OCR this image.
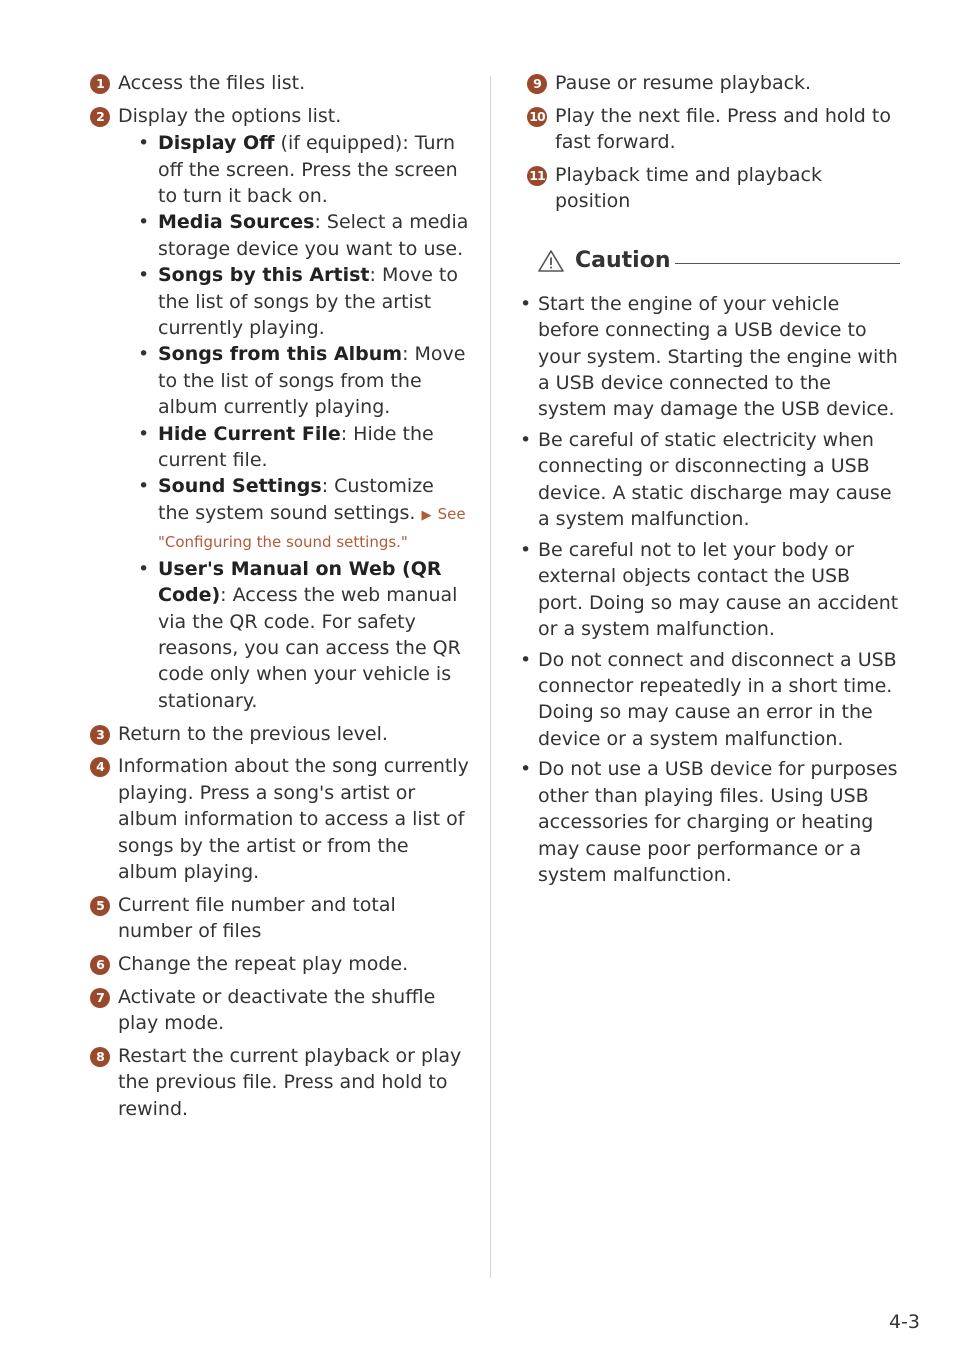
1 Access the files list.
2 Display the options list.
• Display Off (if equipped): Turn off the screen. Press the screen to turn it back on.
• Media Sources: Select a media storage device you want to use.
• Songs by this Artist: Move to the list of songs by the artist currently playing.
• Songs from this Album: Move to the list of songs from the album currently playing.
• Hide Current File: Hide the current file.
• Sound Settings: Customize the system sound settings. ▶ See
"Configuring the sound settings."
• User's Manual on Web (QR Code): Access the web manual via the QR code. For safety reasons, you can access the QR code only when your vehicle is stationary.
3 Return to the previous level.
4 Information about the song currently playing. Press a song's artist or album information to access a list of songs by the artist or from the album playing.
5 Current file number and total number of files
6 Change the repeat play mode.
7 Activate or deactivate the shuffle play mode.
8 Restart the current playback or play the previous file. Press and hold to rewind.
9 Pause or resume playback.
10 Play the next file. Press and hold to fast forward.
11 Playback time and playback position
Caution
• Start the engine of your vehicle before connecting a USB device to your system. Starting the engine with a USB device connected to the system may damage the USB device.
• Be careful of static electricity when connecting or disconnecting a USB device. A static discharge may cause a system malfunction.
• Be careful not to let your body or external objects contact the USB port. Doing so may cause an accident or a system malfunction.
• Do not connect and disconnect a USB connector repeatedly in a short time. Doing so may cause an error in the device or a system malfunction.
• Do not use a USB device for purposes other than playing files. Using USB accessories for charging or heating may cause poor performance or a system malfunction.
4-3
